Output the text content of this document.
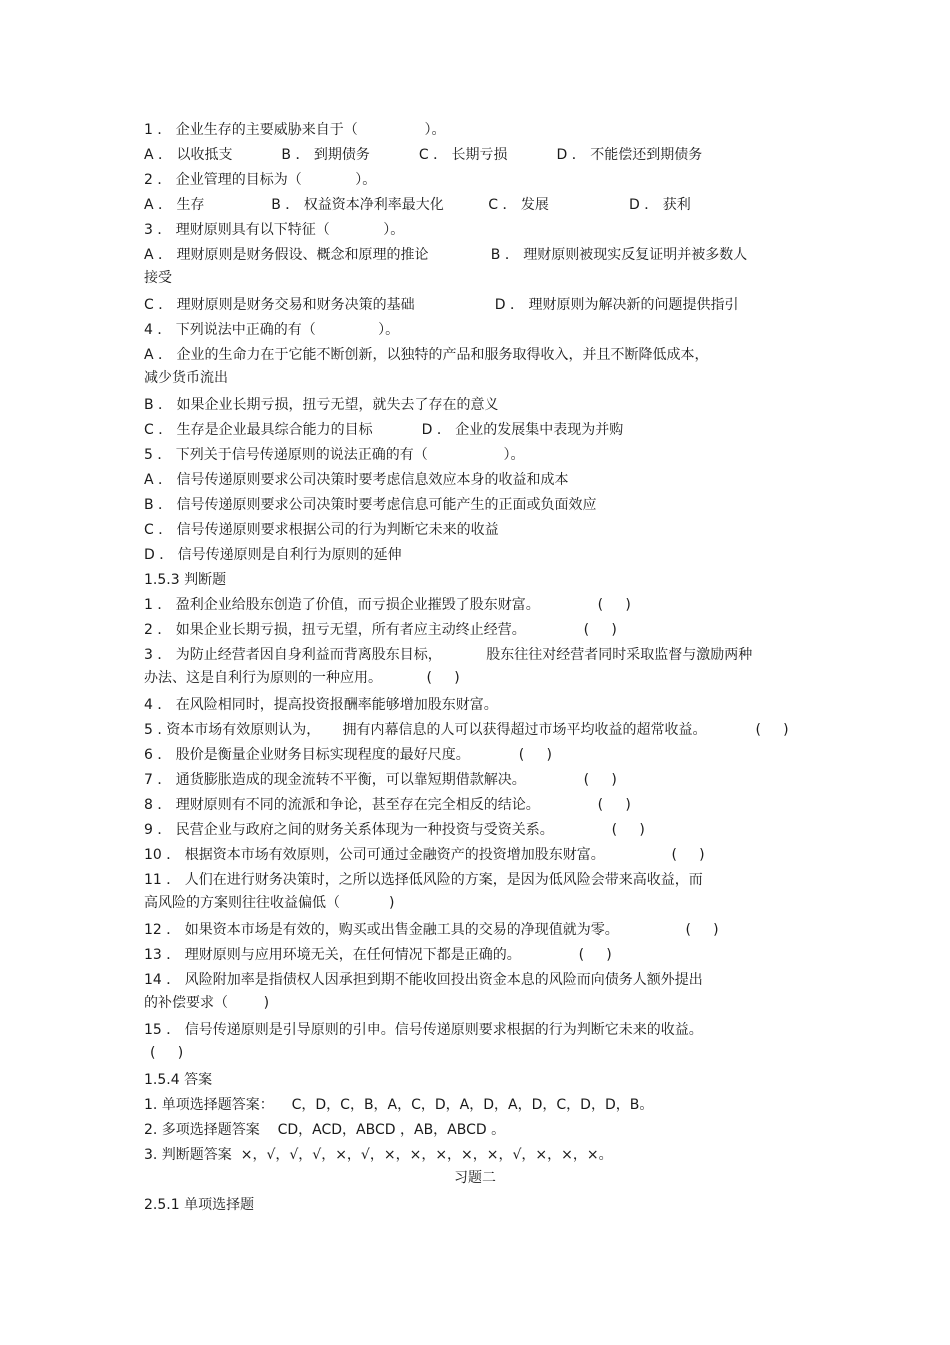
1 ． 企业生存的主要威胁来自于（               ）。
A ． 以收抵支           B ． 到期债务           C ． 长期亏损           D ． 不能偿还到期债务
2 ． 企业管理的目标为（            ）。
A ． 生存               B ． 权益资本净利率最大化          C ． 发展                  D ． 获利
3 ． 理财原则具有以下特征（            ）。
A ． 理财原则是财务假设、概念和原理的推论              B ． 理财原则被现实反复证明并被多数人
接受
C ． 理财原则是财务交易和财务决策的基础                  D ． 理财原则为解决新的问题提供指引
4 ． 下列说法中正确的有（              ）。
A ． 企业的生命力在于它能不断创新，以独特的产品和服务取得收入，并且不断降低成本，
减少货币流出
B ． 如果企业长期亏损，扭亏无望，就失去了存在的意义
C ． 生存是企业最具综合能力的目标           D ． 企业的发展集中表现为并购
5 ． 下列关于信号传递原则的说法正确的有（                 ）。
A ． 信号传递原则要求公司决策时要考虑信息效应本身的收益和成本
B ． 信号传递原则要求公司决策时要考虑信息可能产生的正面或负面效应
C ． 信号传递原则要求根据公司的行为判断它未来的收益
D ． 信号传递原则是自利行为原则的延伸
1.5.3 判断题
1 ． 盈利企业给股东创造了价值，而亏损企业摧毁了股东财富。             (     )
2 ． 如果企业长期亏损，扭亏无望，所有者应主动终止经营。             (     )
3 ． 为防止经营者因自身利益而背离股东目标，          股东往往对经营者同时采取监督与激励两种
办法、这是自利行为原则的一种应用。          (     )
4 ． 在风险相同时，提高投资报酬率能够增加股东财富。
5 . 资本市场有效原则认为，     拥有内幕信息的人可以获得超过市场平均收益的超常收益。           (     )
6 ． 股价是衡量企业财务目标实现程度的最好尺度。           (     )
7 ． 通货膨胀造成的现金流转不平衡，可以靠短期借款解决。             (     )
8 ． 理财原则有不同的流派和争论，甚至存在完全相反的结论。             (     )
9 ． 民营企业与政府之间的财务关系体现为一种投资与受资关系。             (     )
10 ． 根据资本市场有效原则，公司可通过金融资产的投资增加股东财富。               (     )
11 ． 人们在进行财务决策时，之所以选择低风险的方案，是因为低风险会带来高收益，而
高风险的方案则往往收益偏低（           )
12 ． 如果资本市场是有效的，购买或出售金融工具的交易的净现值就为零。               (     )
13 ． 理财原则与应用环境无关，在任何情况下都是正确的。             (     )
14 ． 风险附加率是指债权人因承担到期不能收回投出资金本息的风险而向债务人额外提出
的补偿要求（        )
15 ． 信号传递原则是引导原则的引申。信号传递原则要求根据的行为判断它未来的收益。
(     )
1.5.4 答案
1. 单项选择题答案：    C，D，C，B，A，C，D，A，D，A，D，C，D，D，B。
2. 多项选择题答案    CD，ACD，ABCD ，AB，ABCD 。
3. 判断题答案  ×，√，√，√，×，√，×，×，×，×，×，√，×，×，×。
习题二
2.5.1 单项选择题
